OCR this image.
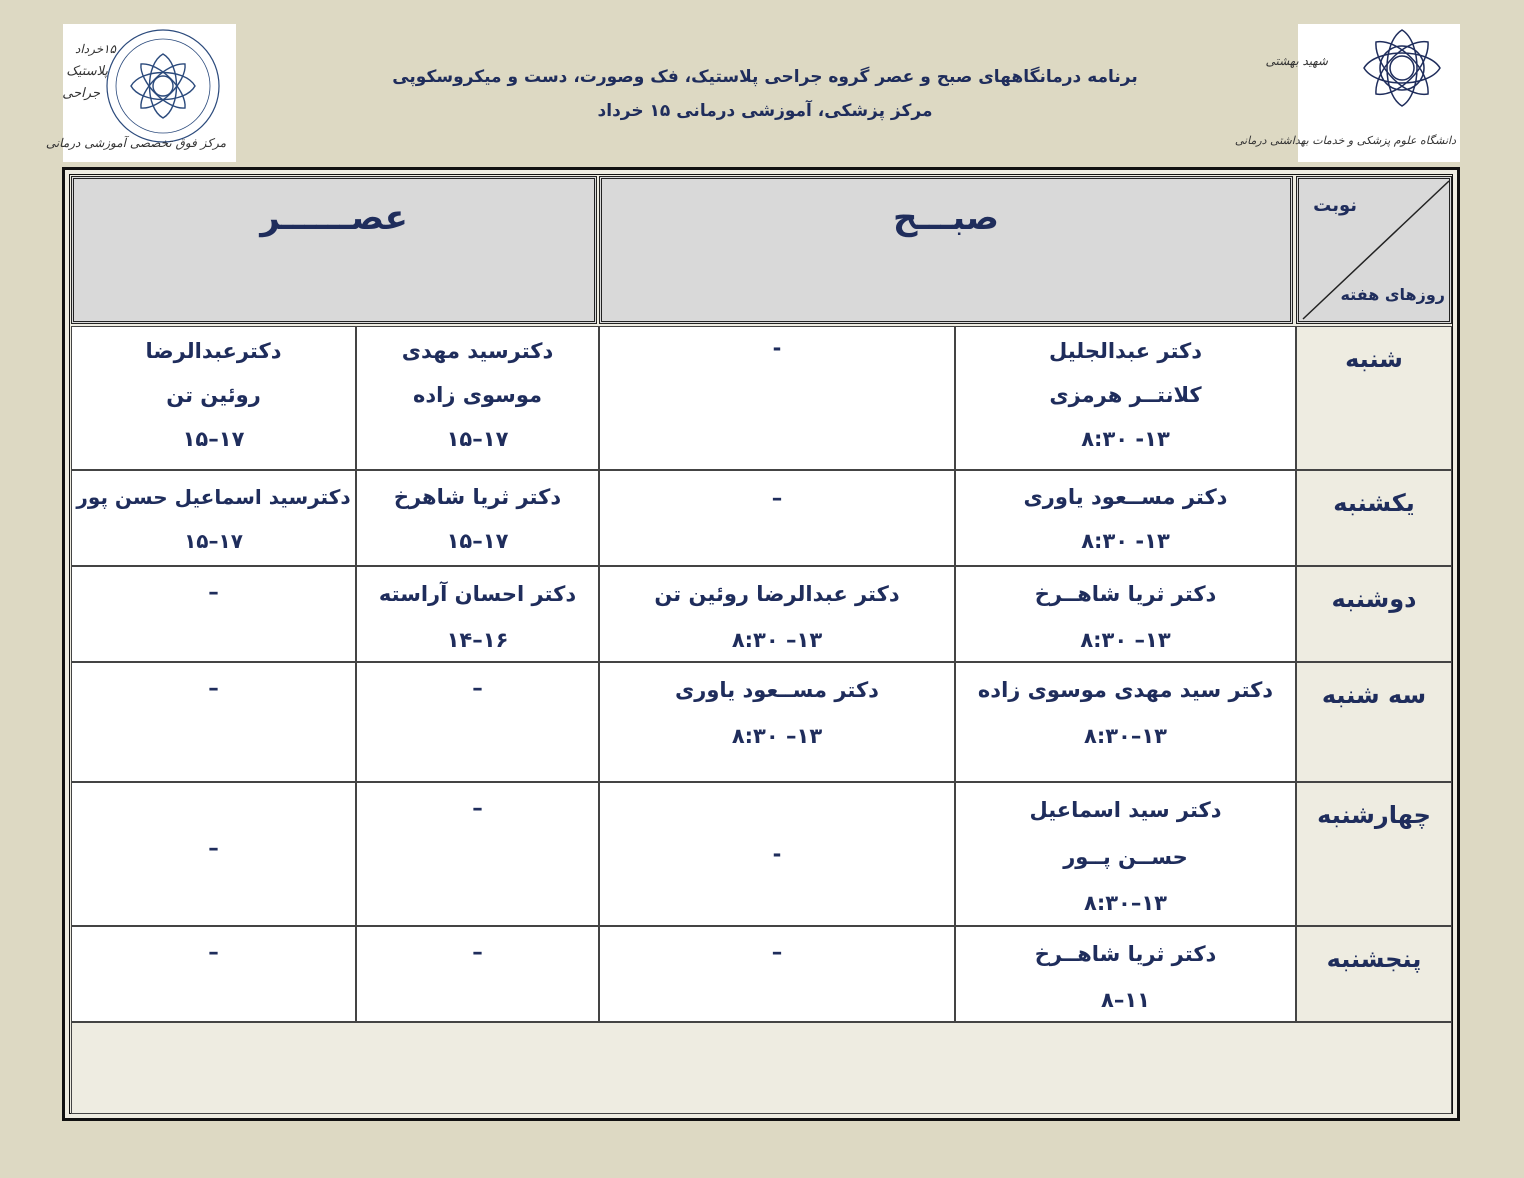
برنامه درمانگاههای صبح و عصر گروه جراحی پلاستیک، فک وصورت، دست و میکروسکوپی
مرکز پزشکی، آموزشی درمانی ۱۵ خرداد
۱۵خرداد
پلاستیک
جراحی
مرکز فوق تخصصی آموزشی درمانی
شهید بهشتی
دانشگاه علوم پزشکی و خدمات بهداشتی درمانی
نوبت
روزهای هفته
صبـــح
عصــــــر
شنبه
دکتر عبدالجلیل
کلانتــر هرمزی
۱۳- ۸:۳۰
-
دکترسید مهدی
موسوی زاده
۱۷–۱۵
دکترعبدالرضا
روئین تن
۱۷–۱۵
یکشنبه
دکتر مســعود یاوری
۱۳- ۸:۳۰
–
دکتر ثریا شاهرخ
۱۷–۱۵
دکترسید اسماعیل حسن پور
۱۷–۱۵
دوشنبه
دکتر ثریا شاهــرخ
۱۳– ۸:۳۰
دکتر عبدالرضا روئین تن
۱۳– ۸:۳۰
دکتر احسان آراسته
۱۶–۱۴
–
سه شنبه
دکتر سید مهدی موسوی زاده
۱۳–۸:۳۰
دکتر مســعود یاوری
۱۳– ۸:۳۰
–
–
چهارشنبه
دکتر سید اسماعیل
حســن پــور
۱۳–۸:۳۰
-
–
–
پنجشنبه
دکتر ثریا شاهــرخ
۱۱–۸
–
–
–
